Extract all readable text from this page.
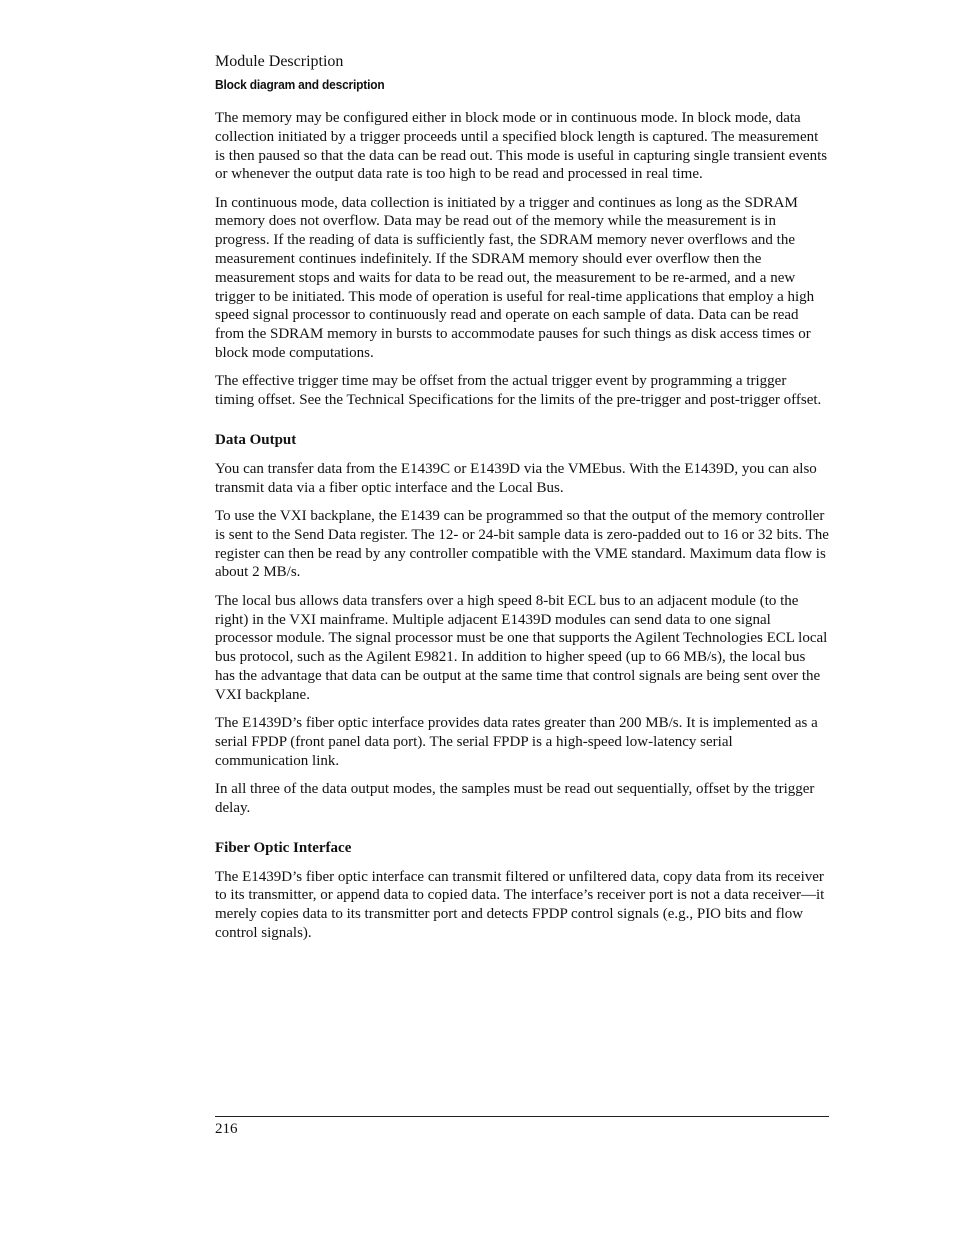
Module Description
Block diagram and description

The memory may be configured either in block mode or in continuous mode. In block mode, data collection initiated by a trigger proceeds until a specified block length is captured. The measurement is then paused so that the data can be read out. This mode is useful in capturing single transient events or whenever the output data rate is too high to be read and processed in real time.

In continuous mode, data collection is initiated by a trigger and continues as long as the SDRAM memory does not overflow. Data may be read out of the memory while the measurement is in progress. If the reading of data is sufficiently fast, the SDRAM memory never overflows and the measurement continues indefinitely. If the SDRAM memory should ever overflow then the measurement stops and waits for data to be read out, the measurement to be re-armed, and a new trigger to be initiated. This mode of operation is useful for real-time applications that employ a high speed signal processor to continuously read and operate on each sample of data. Data can be read from the SDRAM memory in bursts to accommodate pauses for such things as disk access times or block mode computations.

The effective trigger time may be offset from the actual trigger event by programming a trigger timing offset. See the Technical Specifications for the limits of the pre-trigger and post-trigger offset.

Data Output

You can transfer data from the E1439C or E1439D via the VMEbus. With the E1439D, you can also transmit data via a fiber optic interface and the Local Bus.

To use the VXI backplane, the E1439 can be programmed so that the output of the memory controller is sent to the Send Data register. The 12- or 24-bit sample data is zero-padded out to 16 or 32 bits. The register can then be read by any controller compatible with the VME standard. Maximum data flow is about 2 MB/s.

The local bus allows data transfers over a high speed 8-bit ECL bus to an adjacent module (to the right) in the VXI mainframe. Multiple adjacent E1439D modules can send data to one signal processor module. The signal processor must be one that supports the Agilent Technologies ECL local bus protocol, such as the Agilent E9821. In addition to higher speed (up to 66 MB/s), the local bus has the advantage that data can be output at the same time that control signals are being sent over the VXI backplane.

The E1439D’s fiber optic interface provides data rates greater than 200 MB/s. It is implemented as a serial FPDP (front panel data port). The serial FPDP is a high-speed low-latency serial communication link.

In all three of the data output modes, the samples must be read out sequentially, offset by the trigger delay.

Fiber Optic Interface

The E1439D’s fiber optic interface can transmit filtered or unfiltered data, copy data from its receiver to its transmitter, or append data to copied data. The interface’s receiver port is not a data receiver—it merely copies data to its transmitter port and detects FPDP control signals (e.g., PIO bits and flow control signals).

216
